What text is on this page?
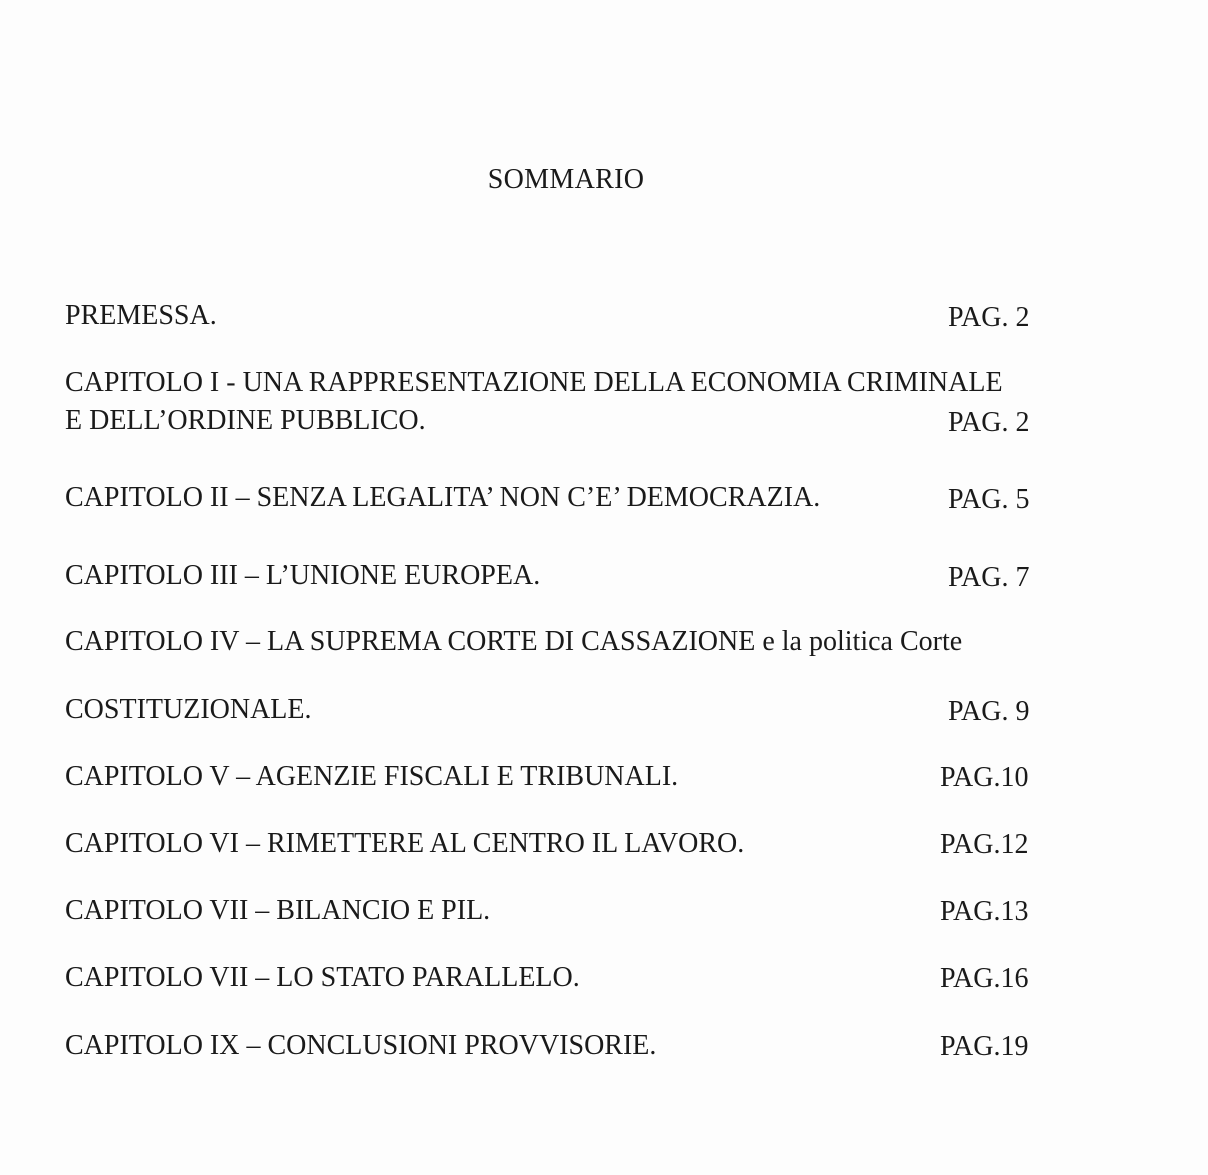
SOMMARIO
PREMESSA.	PAG. 2
CAPITOLO I - UNA RAPPRESENTAZIONE DELLA ECONOMIA CRIMINALE
E DELL’ORDINE PUBBLICO.	PAG. 2
CAPITOLO II – SENZA LEGALITA’ NON C’E’ DEMOCRAZIA.	PAG. 5
CAPITOLO III – L’UNIONE EUROPEA.	PAG. 7
CAPITOLO IV – LA SUPREMA CORTE DI CASSAZIONE e la politica Corte
COSTITUZIONALE.	PAG. 9
CAPITOLO V – AGENZIE FISCALI E TRIBUNALI.	PAG.10
CAPITOLO VI – RIMETTERE AL CENTRO IL LAVORO.	PAG.12
CAPITOLO VII – BILANCIO E PIL.	PAG.13
CAPITOLO VII – LO STATO PARALLELO.	PAG.16
CAPITOLO IX – CONCLUSIONI PROVVISORIE.	PAG.19
